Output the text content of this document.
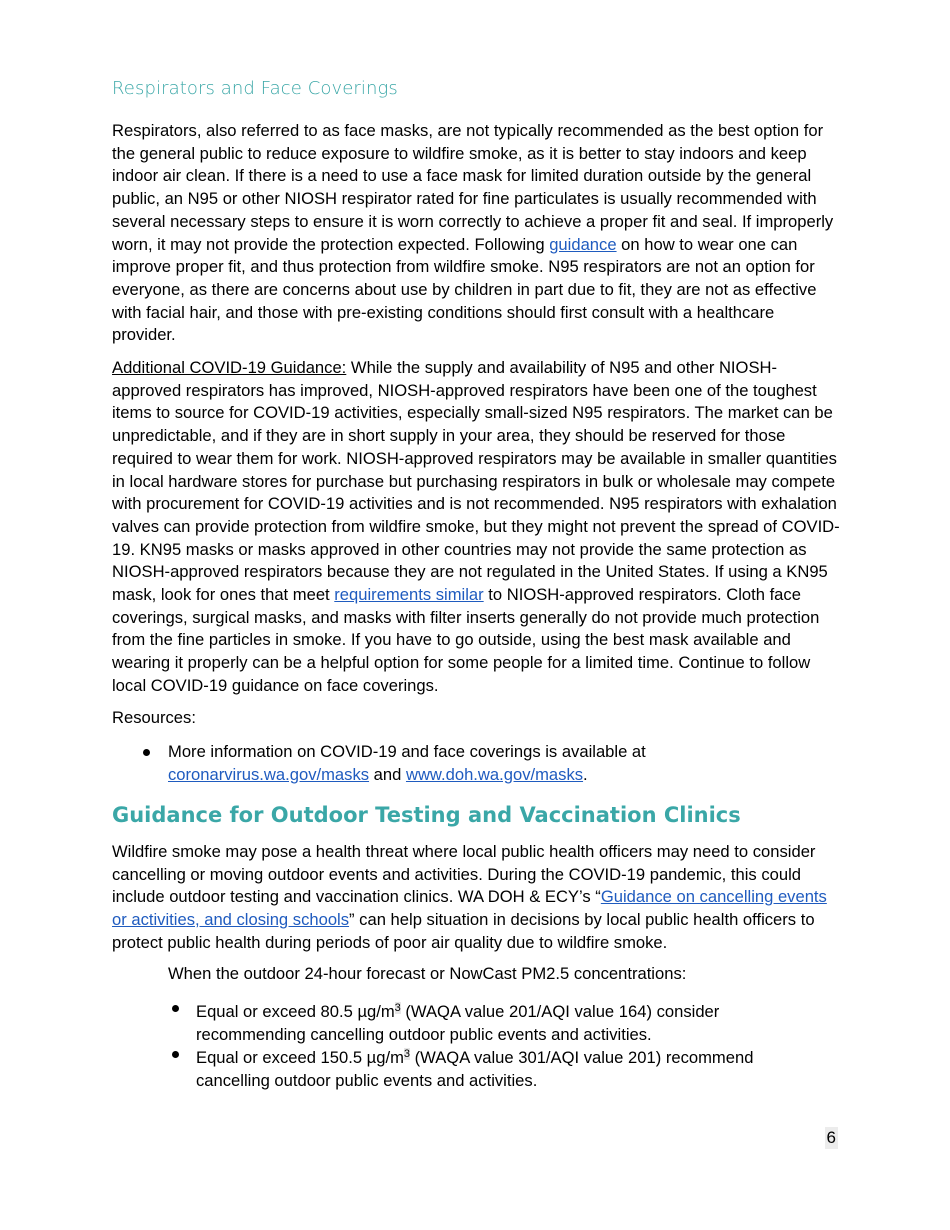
Respirators and Face Coverings

Respirators, also referred to as face masks, are not typically recommended as the best option for the general public to reduce exposure to wildfire smoke, as it is better to stay indoors and keep indoor air clean. If there is a need to use a face mask for limited duration outside by the general public, an N95 or other NIOSH respirator rated for fine particulates is usually recommended with several necessary steps to ensure it is worn correctly to achieve a proper fit and seal. If improperly worn, it may not provide the protection expected. Following guidance on how to wear one can improve proper fit, and thus protection from wildfire smoke. N95 respirators are not an option for everyone, as there are concerns about use by children in part due to fit, they are not as effective with facial hair, and those with pre-existing conditions should first consult with a healthcare provider.

Additional COVID-19 Guidance: While the supply and availability of N95 and other NIOSH-approved respirators has improved, NIOSH-approved respirators have been one of the toughest items to source for COVID-19 activities, especially small-sized N95 respirators. The market can be unpredictable, and if they are in short supply in your area, they should be reserved for those required to wear them for work. NIOSH-approved respirators may be available in smaller quantities in local hardware stores for purchase but purchasing respirators in bulk or wholesale may compete with procurement for COVID-19 activities and is not recommended. N95 respirators with exhalation valves can provide protection from wildfire smoke, but they might not prevent the spread of COVID-19. KN95 masks or masks approved in other countries may not provide the same protection as NIOSH-approved respirators because they are not regulated in the United States. If using a KN95 mask, look for ones that meet requirements similar to NIOSH-approved respirators. Cloth face coverings, surgical masks, and masks with filter inserts generally do not provide much protection from the fine particles in smoke. If you have to go outside, using the best mask available and wearing it properly can be a helpful option for some people for a limited time. Continue to follow local COVID-19 guidance on face coverings.

Resources:

More information on COVID-19 and face coverings is available at coronarvirus.wa.gov/masks and www.doh.wa.gov/masks.
Guidance for Outdoor Testing and Vaccination Clinics

Wildfire smoke may pose a health threat where local public health officers may need to consider cancelling or moving outdoor events and activities. During the COVID-19 pandemic, this could include outdoor testing and vaccination clinics. WA DOH & ECY’s “Guidance on cancelling events or activities, and closing schools” can help situation in decisions by local public health officers to protect public health during periods of poor air quality due to wildfire smoke.

When the outdoor 24-hour forecast or NowCast PM2.5 concentrations:

Equal or exceed 80.5 $\mu g/m^3$ (WAQA value 201/AQI value 164) consider recommending cancelling outdoor public events and activities.
Equal or exceed 150.5 $\mu g/m^3$ (WAQA value 301/AQI value 201) recommend cancelling outdoor public events and activities.
6
